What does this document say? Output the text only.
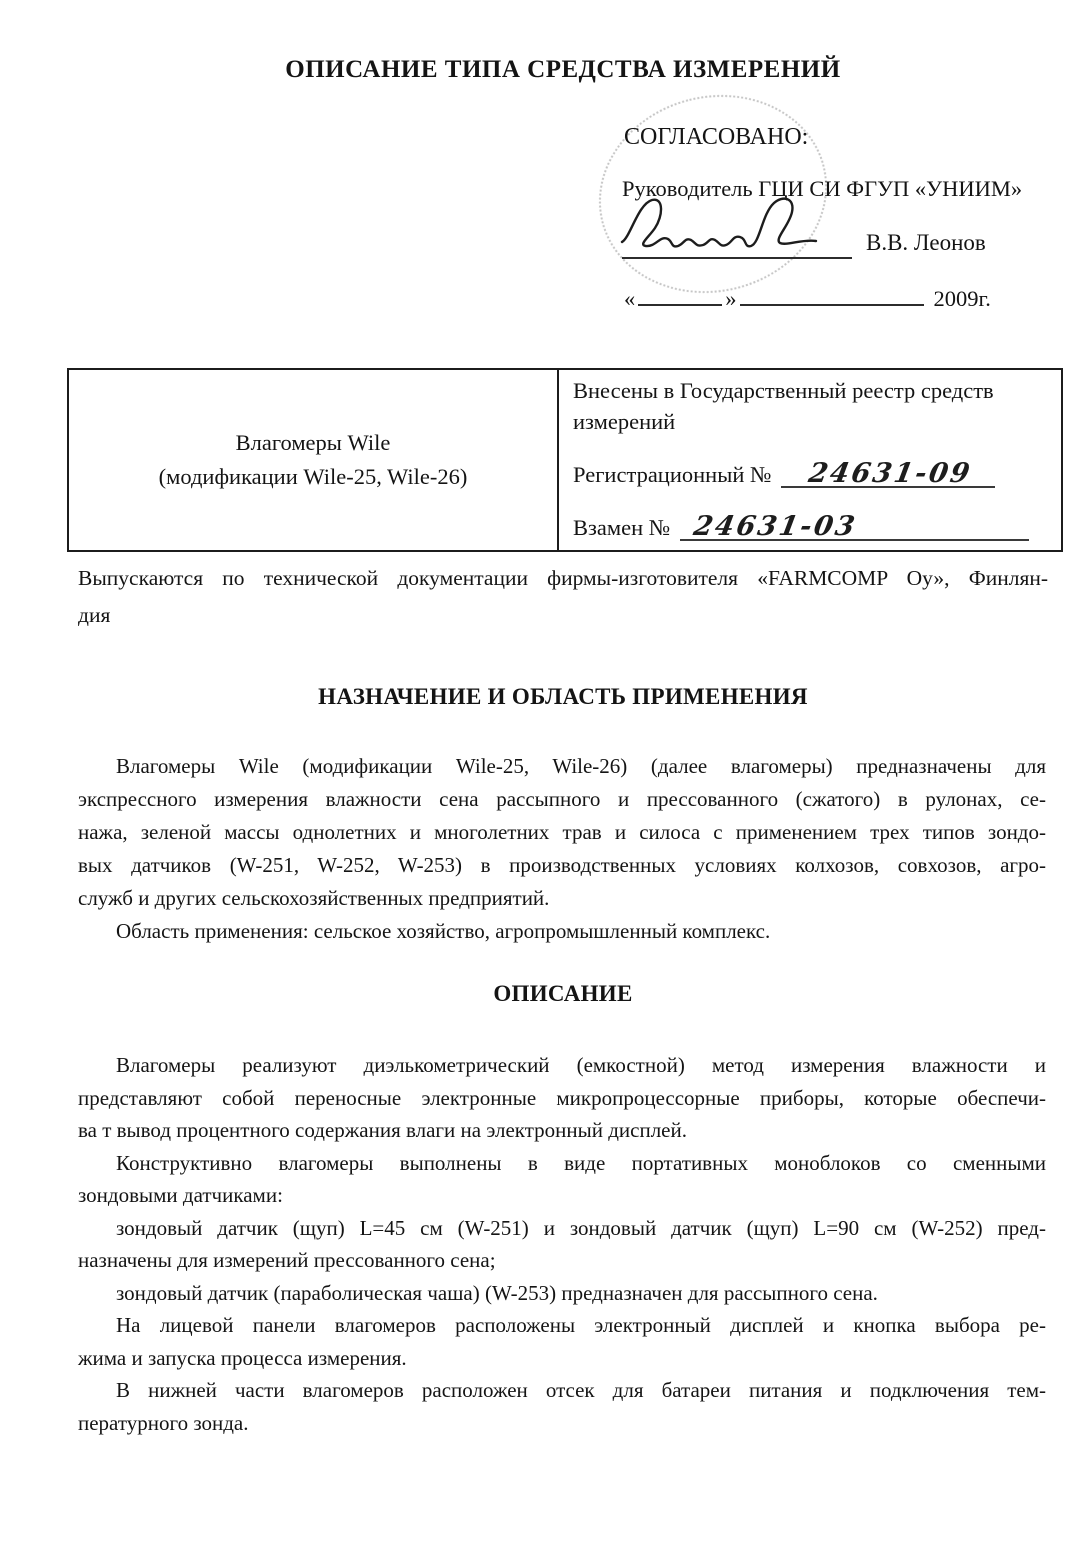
ОПИСАНИЕ ТИПА СРЕДСТВА ИЗМЕРЕНИЙ
СОГЛАСОВАНО:
Руководитель ГЦИ СИ ФГУП «УНИИМ»
В.В. Леонов
«	»	2009г.
Влагомеры Wile
(модификации Wile-25, Wile-26)
Внесены в Государственный реестр средств
измерений
Регистрационный № 24631-09
Взамен № 24631-03
Выпускаются по технической документации фирмы-изготовителя «FARMCOMP Оу», Финлян-
дия
НАЗНАЧЕНИЕ И ОБЛАСТЬ ПРИМЕНЕНИЯ
Влагомеры Wile (модификации Wile-25, Wile-26) (далее влагомеры) предназначены для
экспрессного измерения влажности сена рассыпного и прессованного (сжатого) в рулонах, се-
нажа, зеленой массы однолетних и многолетних трав и силоса с применением трех типов зондо-
вых датчиков (W-251, W-252, W-253) в производственных условиях колхозов, совхозов, агро-
служб и других сельскохозяйственных предприятий.
Область применения: сельское хозяйство, агропромышленный комплекс.
ОПИСАНИЕ
Влагомеры реализуют диэлькометрический (емкостной) метод измерения влажности и
представляют собой переносные электронные микропроцессорные приборы, которые обеспечи-
ва т вывод процентного содержания влаги на электронный дисплей.
Конструктивно влагомеры выполнены в виде портативных моноблоков со сменными
зондовыми датчиками:
зондовый датчик (щуп) L=45 см (W-251) и зондовый датчик (щуп) L=90 см (W-252) пред-
назначены для измерений прессованного сена;
зондовый датчик (параболическая чаша) (W-253) предназначен для рассыпного сена.
На лицевой панели влагомеров расположены электронный дисплей и кнопка выбора ре-
жима и запуска процесса измерения.
В нижней части влагомеров расположен отсек для батареи питания и подключения тем-
пературного зонда.
